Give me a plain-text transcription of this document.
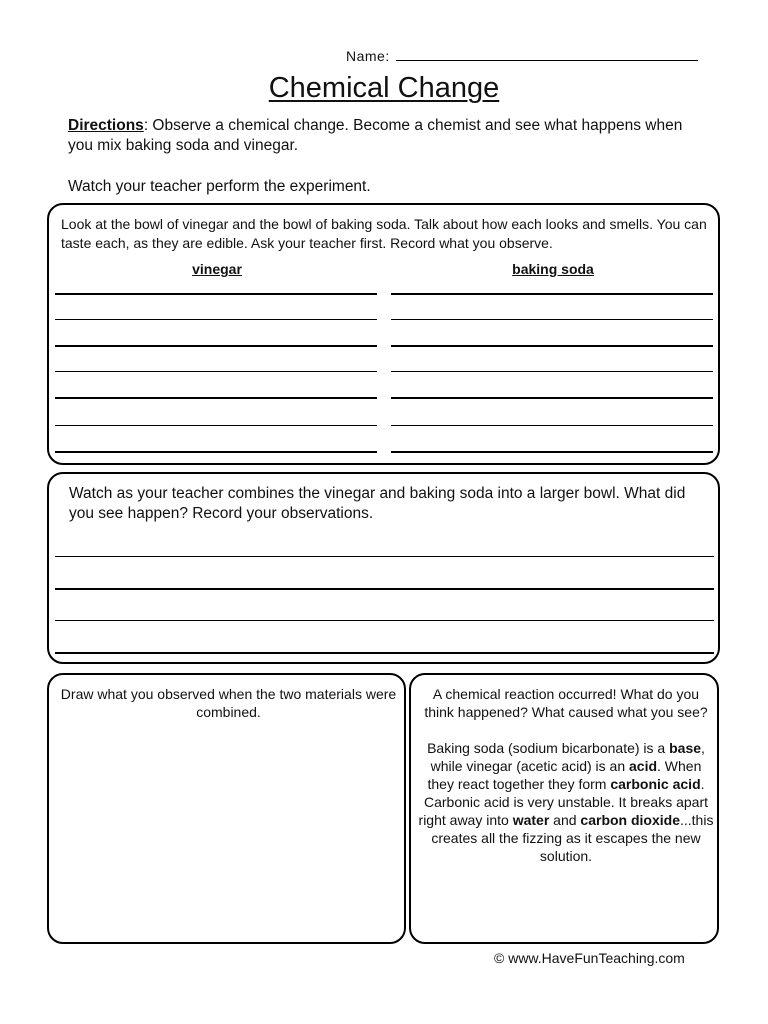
Name:
Chemical Change
Directions: Observe a chemical change. Become a chemist and see what happens when you mix baking soda and vinegar.
Watch your teacher perform the experiment.
Look at the bowl of vinegar and the bowl of baking soda. Talk about how each looks and smells. You can taste each, as they are edible. Ask your teacher first. Record what you observe.
vinegar	baking soda
Watch as your teacher combines the vinegar and baking soda into a larger bowl. What did you see happen? Record your observations.
Draw what you observed when the two materials were combined.
A chemical reaction occurred! What do you think happened? What caused what you see?
Baking soda (sodium bicarbonate) is a base, while vinegar (acetic acid) is an acid. When they react together they form carbonic acid. Carbonic acid is very unstable. It breaks apart right away into water and carbon dioxide...this creates all the fizzing as it escapes the new solution.
© www.HaveFunTeaching.com
